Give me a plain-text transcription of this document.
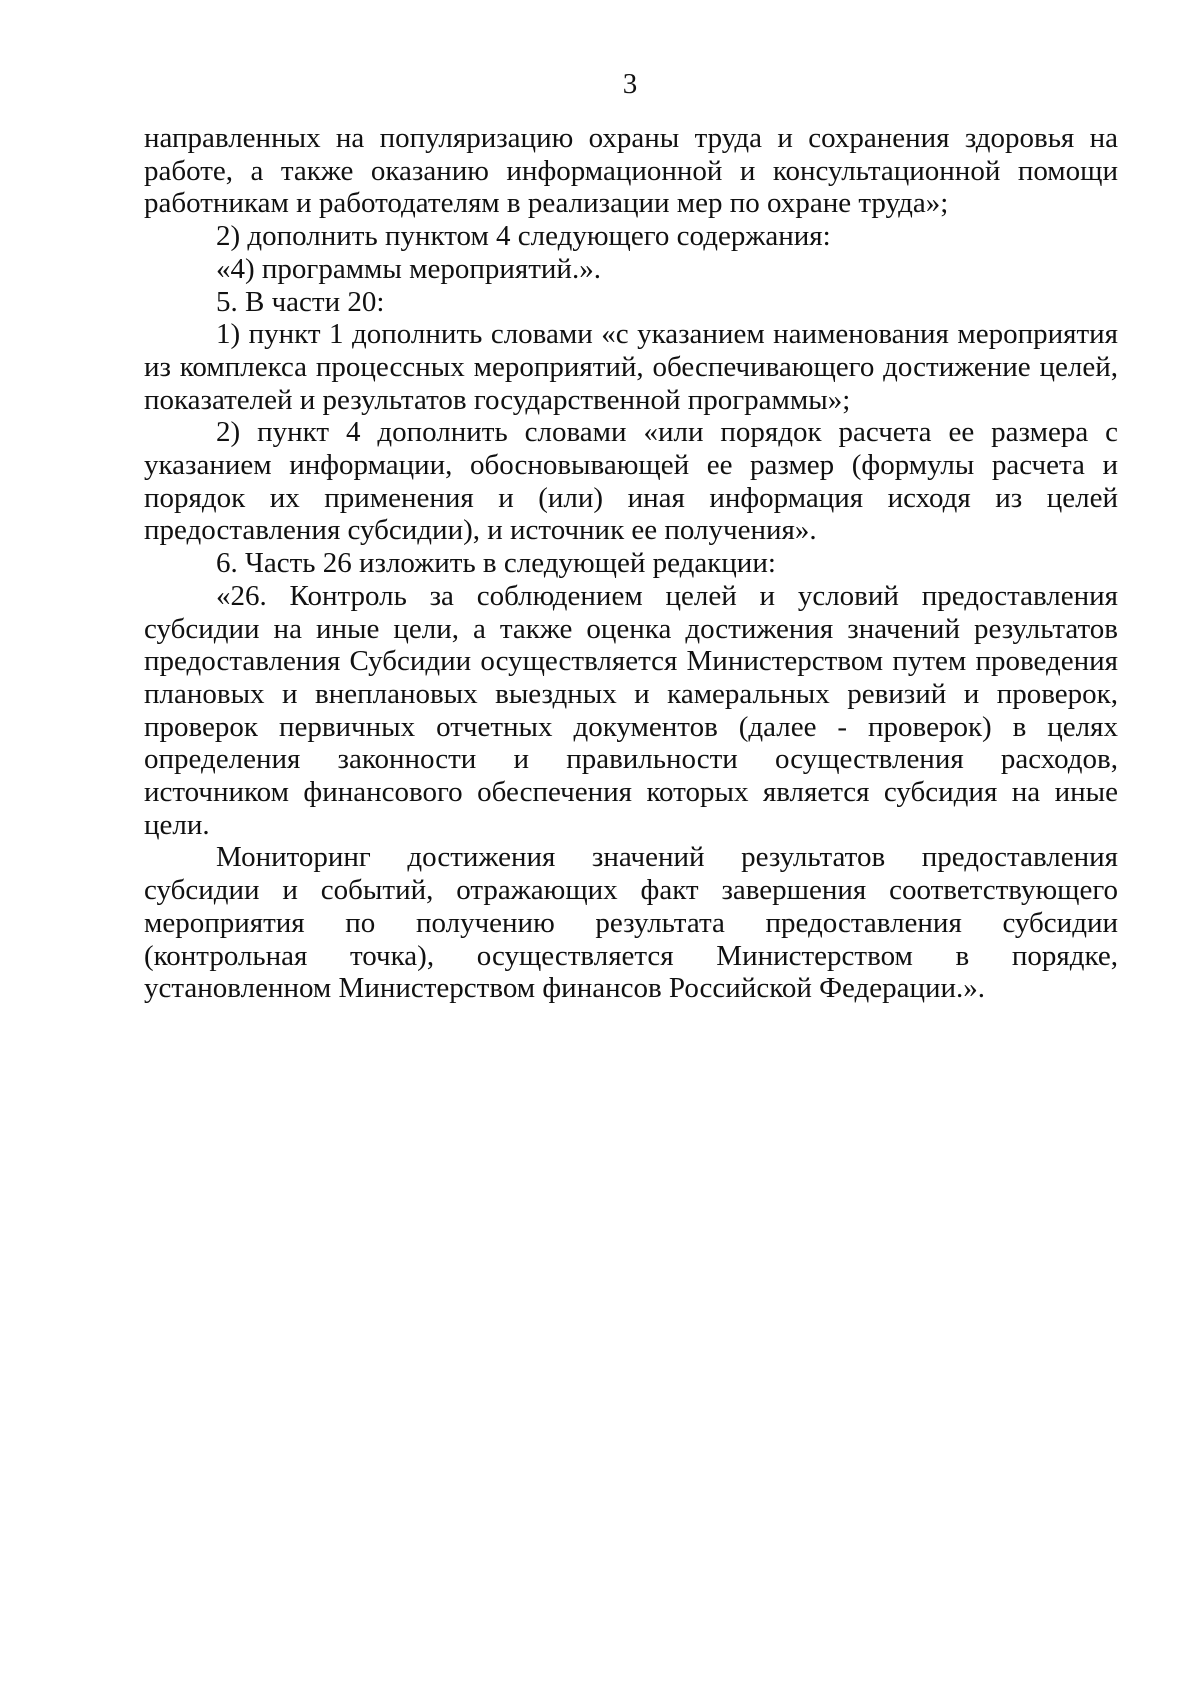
3

направленных на популяризацию охраны труда и сохранения здоровья на работе, а также оказанию информационной и консультационной помощи работникам и работодателям в реализации мер по охране труда»;

2) дополнить пунктом 4 следующего содержания:

«4) программы мероприятий.».

5. В части 20:

1) пункт 1 дополнить словами «с указанием наименования мероприятия из комплекса процессных мероприятий, обеспечивающего достижение целей, показателей и результатов государственной программы»;

2) пункт 4 дополнить словами «или порядок расчета ее размера с указанием информации, обосновывающей ее размер (формулы расчета и порядок их применения и (или) иная информация исходя из целей предоставления субсидии), и источник ее получения».

6. Часть 26 изложить в следующей редакции:

«26. Контроль за соблюдением целей и условий предоставления субсидии на иные цели, а также оценка достижения значений результатов предоставления Субсидии осуществляется Министерством путем проведения плановых и внеплановых выездных и камеральных ревизий и проверок, проверок первичных отчетных документов (далее - проверок) в целях определения законности и правильности осуществления расходов, источником финансового обеспечения которых является субсидия на иные цели.

Мониторинг достижения значений результатов предоставления субсидии и событий, отражающих факт завершения соответствующего мероприятия по получению результата предоставления субсидии (контрольная точка), осуществляется Министерством в порядке, установленном Министерством финансов Российской Федерации.».
